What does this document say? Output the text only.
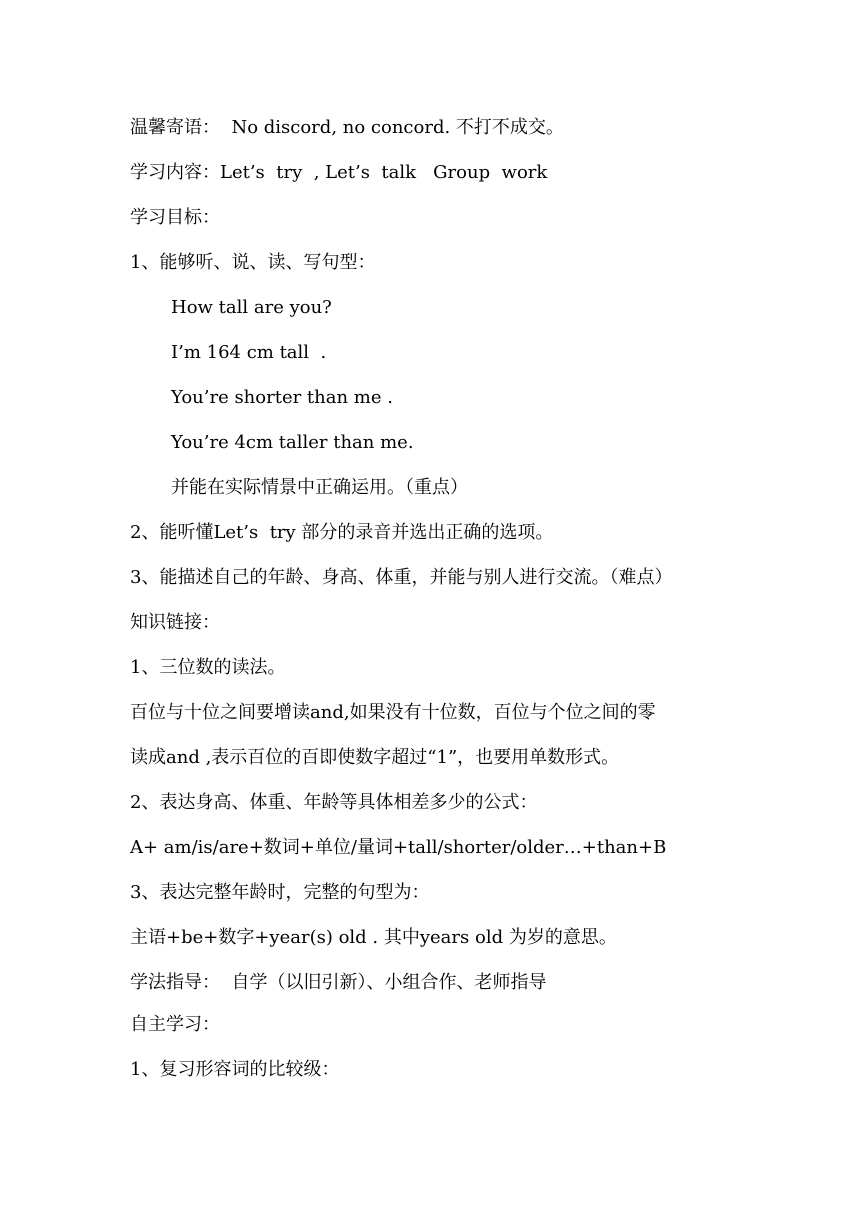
温馨寄语：  No discord, no concord. 不打不成交。
学习内容：Let’s  try  , Let’s  talk   Group  work
学习目标：
1、能够听、说、读、写句型：
How tall are you?
I’m 164 cm tall  .
You’re shorter than me .
You’re 4cm taller than me.
并能在实际情景中正确运用。（重点）
2、能听懂Let’s  try 部分的录音并选出正确的选项。
3、能描述自己的年龄、身高、体重，并能与别人进行交流。（难点）
知识链接：
1、三位数的读法。
百位与十位之间要增读and,如果没有十位数，百位与个位之间的零
读成and ,表示百位的百即使数字超过“1”，也要用单数形式。
2、表达身高、体重、年龄等具体相差多少的公式：
A+ am/is/are+数词+单位/量词+tall/shorter/older…+than+B
3、表达完整年龄时，完整的句型为：
主语+be+数字+year(s) old . 其中years old 为岁的意思。
学法指导：  自学（以旧引新）、小组合作、老师指导
自主学习：
1、复习形容词的比较级：
